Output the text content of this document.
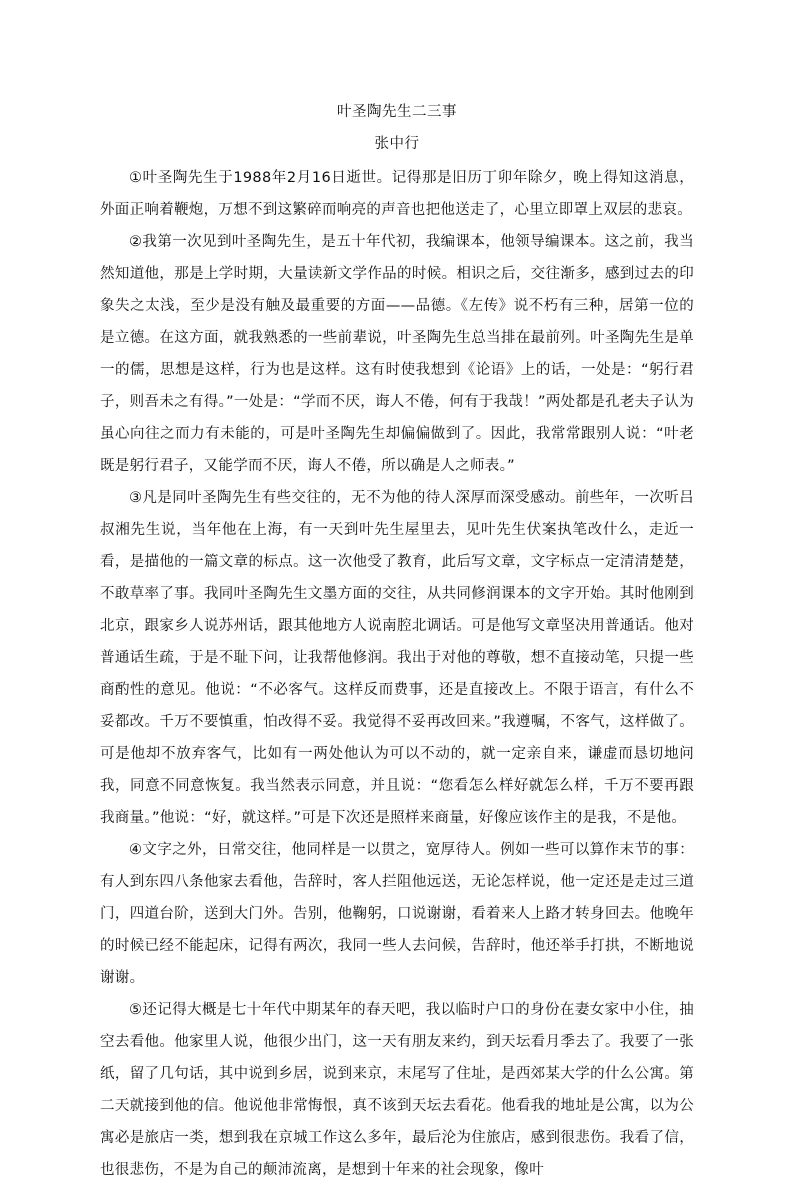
叶圣陶先生二三事
张中行

①叶圣陶先生于1988年2月16日逝世。记得那是旧历丁卯年除夕，晚上得知这消息，外面正响着鞭炮，万想不到这繁碎而响亮的声音也把他送走了，心里立即罩上双层的悲哀。

②我第一次见到叶圣陶先生，是五十年代初，我编课本，他领导编课本。这之前，我当然知道他，那是上学时期，大量读新文学作品的时候。相识之后，交往渐多，感到过去的印象失之太浅，至少是没有触及最重要的方面——品德。《左传》说不朽有三种，居第一位的是立德。在这方面，就我熟悉的一些前辈说，叶圣陶先生总当排在最前列。叶圣陶先生是单一的儒，思想是这样，行为也是这样。这有时使我想到《论语》上的话，一处是：“躬行君子，则吾未之有得。”一处是：“学而不厌，诲人不倦，何有于我哉！”两处都是孔老夫子认为虽心向往之而力有未能的，可是叶圣陶先生却偏偏做到了。因此，我常常跟别人说：“叶老既是躬行君子，又能学而不厌，诲人不倦，所以确是人之师表。”

③凡是同叶圣陶先生有些交往的，无不为他的待人深厚而深受感动。前些年，一次听吕叔湘先生说，当年他在上海，有一天到叶先生屋里去，见叶先生伏案执笔改什么，走近一看，是描他的一篇文章的标点。这一次他受了教育，此后写文章，文字标点一定清清楚楚，不敢草率了事。我同叶圣陶先生文墨方面的交往，从共同修润课本的文字开始。其时他刚到北京，跟家乡人说苏州话，跟其他地方人说南腔北调话。可是他写文章坚决用普通话。他对普通话生疏，于是不耻下问，让我帮他修润。我出于对他的尊敬，想不直接动笔，只提一些商酌性的意见。他说：“不必客气。这样反而费事，还是直接改上。不限于语言，有什么不妥都改。千万不要慎重，怕改得不妥。我觉得不妥再改回来。”我遵嘱，不客气，这样做了。可是他却不放弃客气，比如有一两处他认为可以不动的，就一定亲自来，谦虚而恳切地问我，同意不同意恢复。我当然表示同意，并且说：“您看怎么样好就怎么样，千万不要再跟我商量。”他说：“好，就这样。”可是下次还是照样来商量，好像应该作主的是我，不是他。

④文字之外，日常交往，他同样是一以贯之，宽厚待人。例如一些可以算作末节的事：有人到东四八条他家去看他，告辞时，客人拦阻他远送，无论怎样说，他一定还是走过三道门，四道台阶，送到大门外。告别，他鞠躬，口说谢谢，看着来人上路才转身回去。他晚年的时候已经不能起床，记得有两次，我同一些人去问候，告辞时，他还举手打拱，不断地说谢谢。

⑤还记得大概是七十年代中期某年的春天吧，我以临时户口的身份在妻女家中小住，抽空去看他。他家里人说，他很少出门，这一天有朋友来约，到天坛看月季去了。我要了一张纸，留了几句话，其中说到乡居，说到来京，末尾写了住址，是西郊某大学的什么公寓。第二天就接到他的信。他说他非常悔恨，真不该到天坛去看花。他看我的地址是公寓，以为公寓必是旅店一类，想到我在京城工作这么多年，最后沦为住旅店，感到很悲伤。我看了信，也很悲伤，不是为自己的颠沛流离，是想到十年来的社会现象，像叶
